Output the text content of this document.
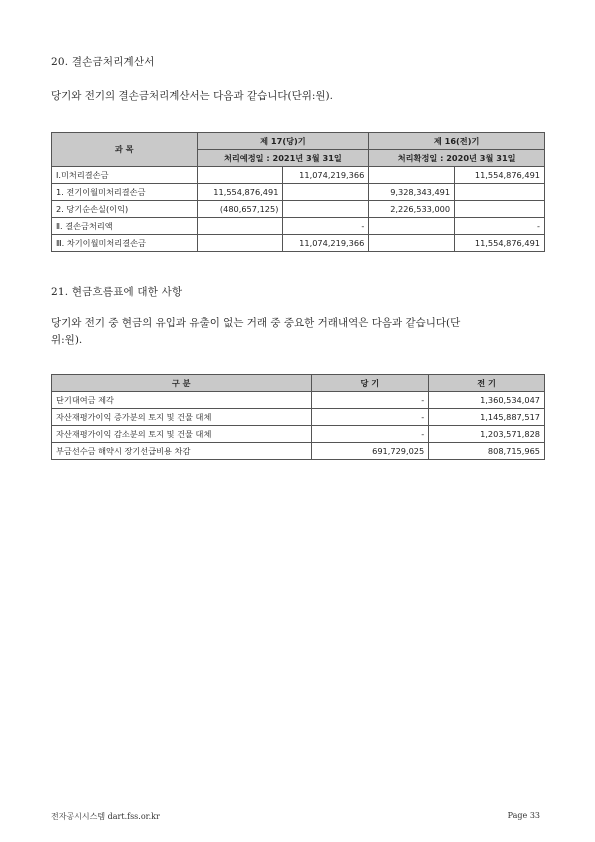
20. 결손금처리계산서
당기와 전기의 결손금처리계산서는 다음과 같습니다(단위:원).
과 목	제 17(당)기		제 16(전)기	
	처리예정일 : 2021년 3월 31일		처리확정일 : 2020년 3월 31일	
Ⅰ.미처리결손금		11,074,219,366		11,554,876,491
1. 전기이월미처리결손금	11,554,876,491		9,328,343,491	
2. 당기순손실(이익)	(480,657,125)		2,226,533,000	
Ⅱ. 결손금처리액		-		-
Ⅲ. 차기이월미처리결손금		11,074,219,366		11,554,876,491
21. 현금흐름표에 대한 사항
당기와 전기 중 현금의 유입과 유출이 없는 거래 중 중요한 거래내역은 다음과 같습니다(단
위:원).
구 분	당 기	전 기
단기대여금 제각	-	1,360,534,047
자산재평가이익 증가분의 토지 및 건물 대체	-	1,145,887,517
자산재평가이익 감소분의 토지 및 건물 대체	-	1,203,571,828
부금선수금 해약시 장기선급비용 차감	691,729,025	808,715,965
전자공시시스템 dart.fss.or.kr	Page 33
